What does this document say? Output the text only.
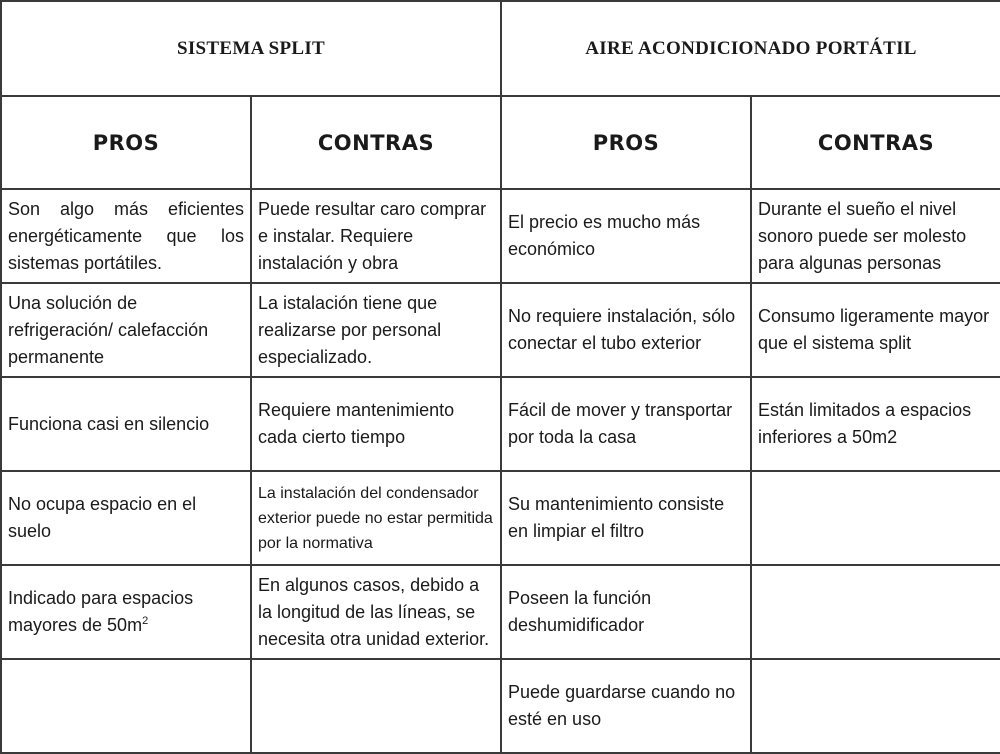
SISTEMA SPLIT		AIRE ACONDICIONADO PORTÁTIL	
PROS	CONTRAS	PROS	CONTRAS
Son algo más eficientes energéticamente que los sistemas portátiles.	Puede resultar caro comprar e instalar. Requiere instalación y obra	El precio es mucho más económico	Durante el sueño el nivel sonoro puede ser molesto para algunas personas
Una solución de refrigeración/ calefacción permanente	La istalación tiene que realizarse por personal especializado.	No requiere instalación, sólo conectar el tubo exterior	Consumo ligeramente mayor que el sistema split
Funciona casi en silencio	Requiere mantenimiento cada cierto tiempo	Fácil de mover y transportar por toda la casa	Están limitados a espacios inferiores a 50m2
No ocupa espacio en el suelo	La instalación del condensador exterior puede no estar permitida por la normativa	Su mantenimiento consiste en limpiar el filtro	
Indicado para espacios mayores de $50m^2$	En algunos casos, debido a la longitud de las líneas, se necesita otra unidad exterior.	Poseen la función deshumidificador	
		Puede guardarse cuando no esté en uso	
